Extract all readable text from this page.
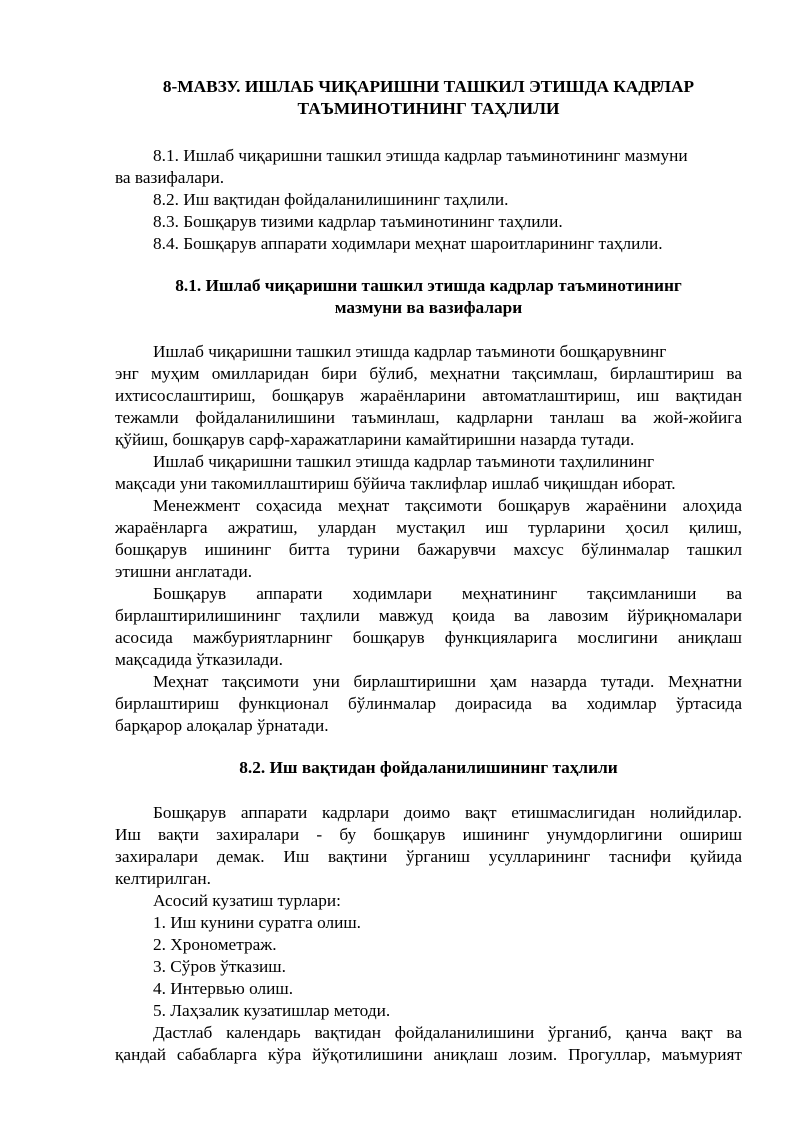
8-МАВЗУ. ИШЛАБ ЧИҚАРИШНИ ТАШКИЛ ЭТИШДА КАДРЛАР
ТАЪМИНОТИНИНГ ТАҲЛИЛИ
8.1. Ишлаб чиқаришни ташкил этишда кадрлар таъминотининг мазмуни
ва вазифалари.
8.2. Иш вақтидан фойдаланилишининг таҳлили.
8.3. Бошқарув тизими кадрлар таъминотининг таҳлили.
8.4. Бошқарув аппарати ходимлари меҳнат шароитларининг таҳлили.
8.1. Ишлаб чиқаришни ташкил этишда кадрлар таъминотининг
мазмуни ва вазифалари
Ишлаб чиқаришни ташкил этишда кадрлар таъминоти бошқарувнинг
энг муҳим омилларидан бири бўлиб, меҳнатни тақсимлаш, бирлаштириш ва
ихтисослаштириш, бошқарув жараёнларини автоматлаштириш, иш вақтидан
тежамли фойдаланилишини таъминлаш, кадрларни танлаш ва жой-жойига
қўйиш, бошқарув сарф-харажатларини камайтиришни назарда тутади.
Ишлаб чиқаришни ташкил этишда кадрлар таъминоти таҳлилининг
мақсади уни такомиллаштириш бўйича таклифлар ишлаб чиқишдан иборат.
Менежмент соҳасида меҳнат тақсимоти бошқарув жараёнини алоҳида
жараёнларга ажратиш, улардан мустақил иш турларини ҳосил қилиш,
бошқарув ишининг битта турини бажарувчи махсус бўлинмалар ташкил
этишни англатади.
Бошқарув аппарати ходимлари меҳнатининг тақсимланиши ва
бирлаштирилишининг таҳлили мавжуд қоида ва лавозим йўриқномалари
асосида мажбуриятларнинг бошқарув функцияларига мослигини аниқлаш
мақсадида ўтказилади.
Меҳнат тақсимоти уни бирлаштиришни ҳам назарда тутади. Меҳнатни
бирлаштириш функционал бўлинмалар доирасида ва ходимлар ўртасида
барқарор алоқалар ўрнатади.
8.2. Иш вақтидан фойдаланилишининг таҳлили
Бошқарув аппарати кадрлари доимо вақт етишмаслигидан нолийдилар.
Иш вақти захиралари - бу бошқарув ишининг унумдорлигини ошириш
захиралари демак. Иш вақтини ўрганиш усулларининг таснифи қуйида
келтирилган.
Асосий кузатиш турлари:
1. Иш кунини суратга олиш.
2. Хронометраж.
3. Сўров ўтказиш.
4. Интервью олиш.
5. Лаҳзалик кузатишлар методи.
Дастлаб календарь вақтидан фойдаланилишини ўрганиб, қанча вақт ва
қандай сабабларга кўра йўқотилишини аниқлаш лозим. Прогуллар, маъмурият
